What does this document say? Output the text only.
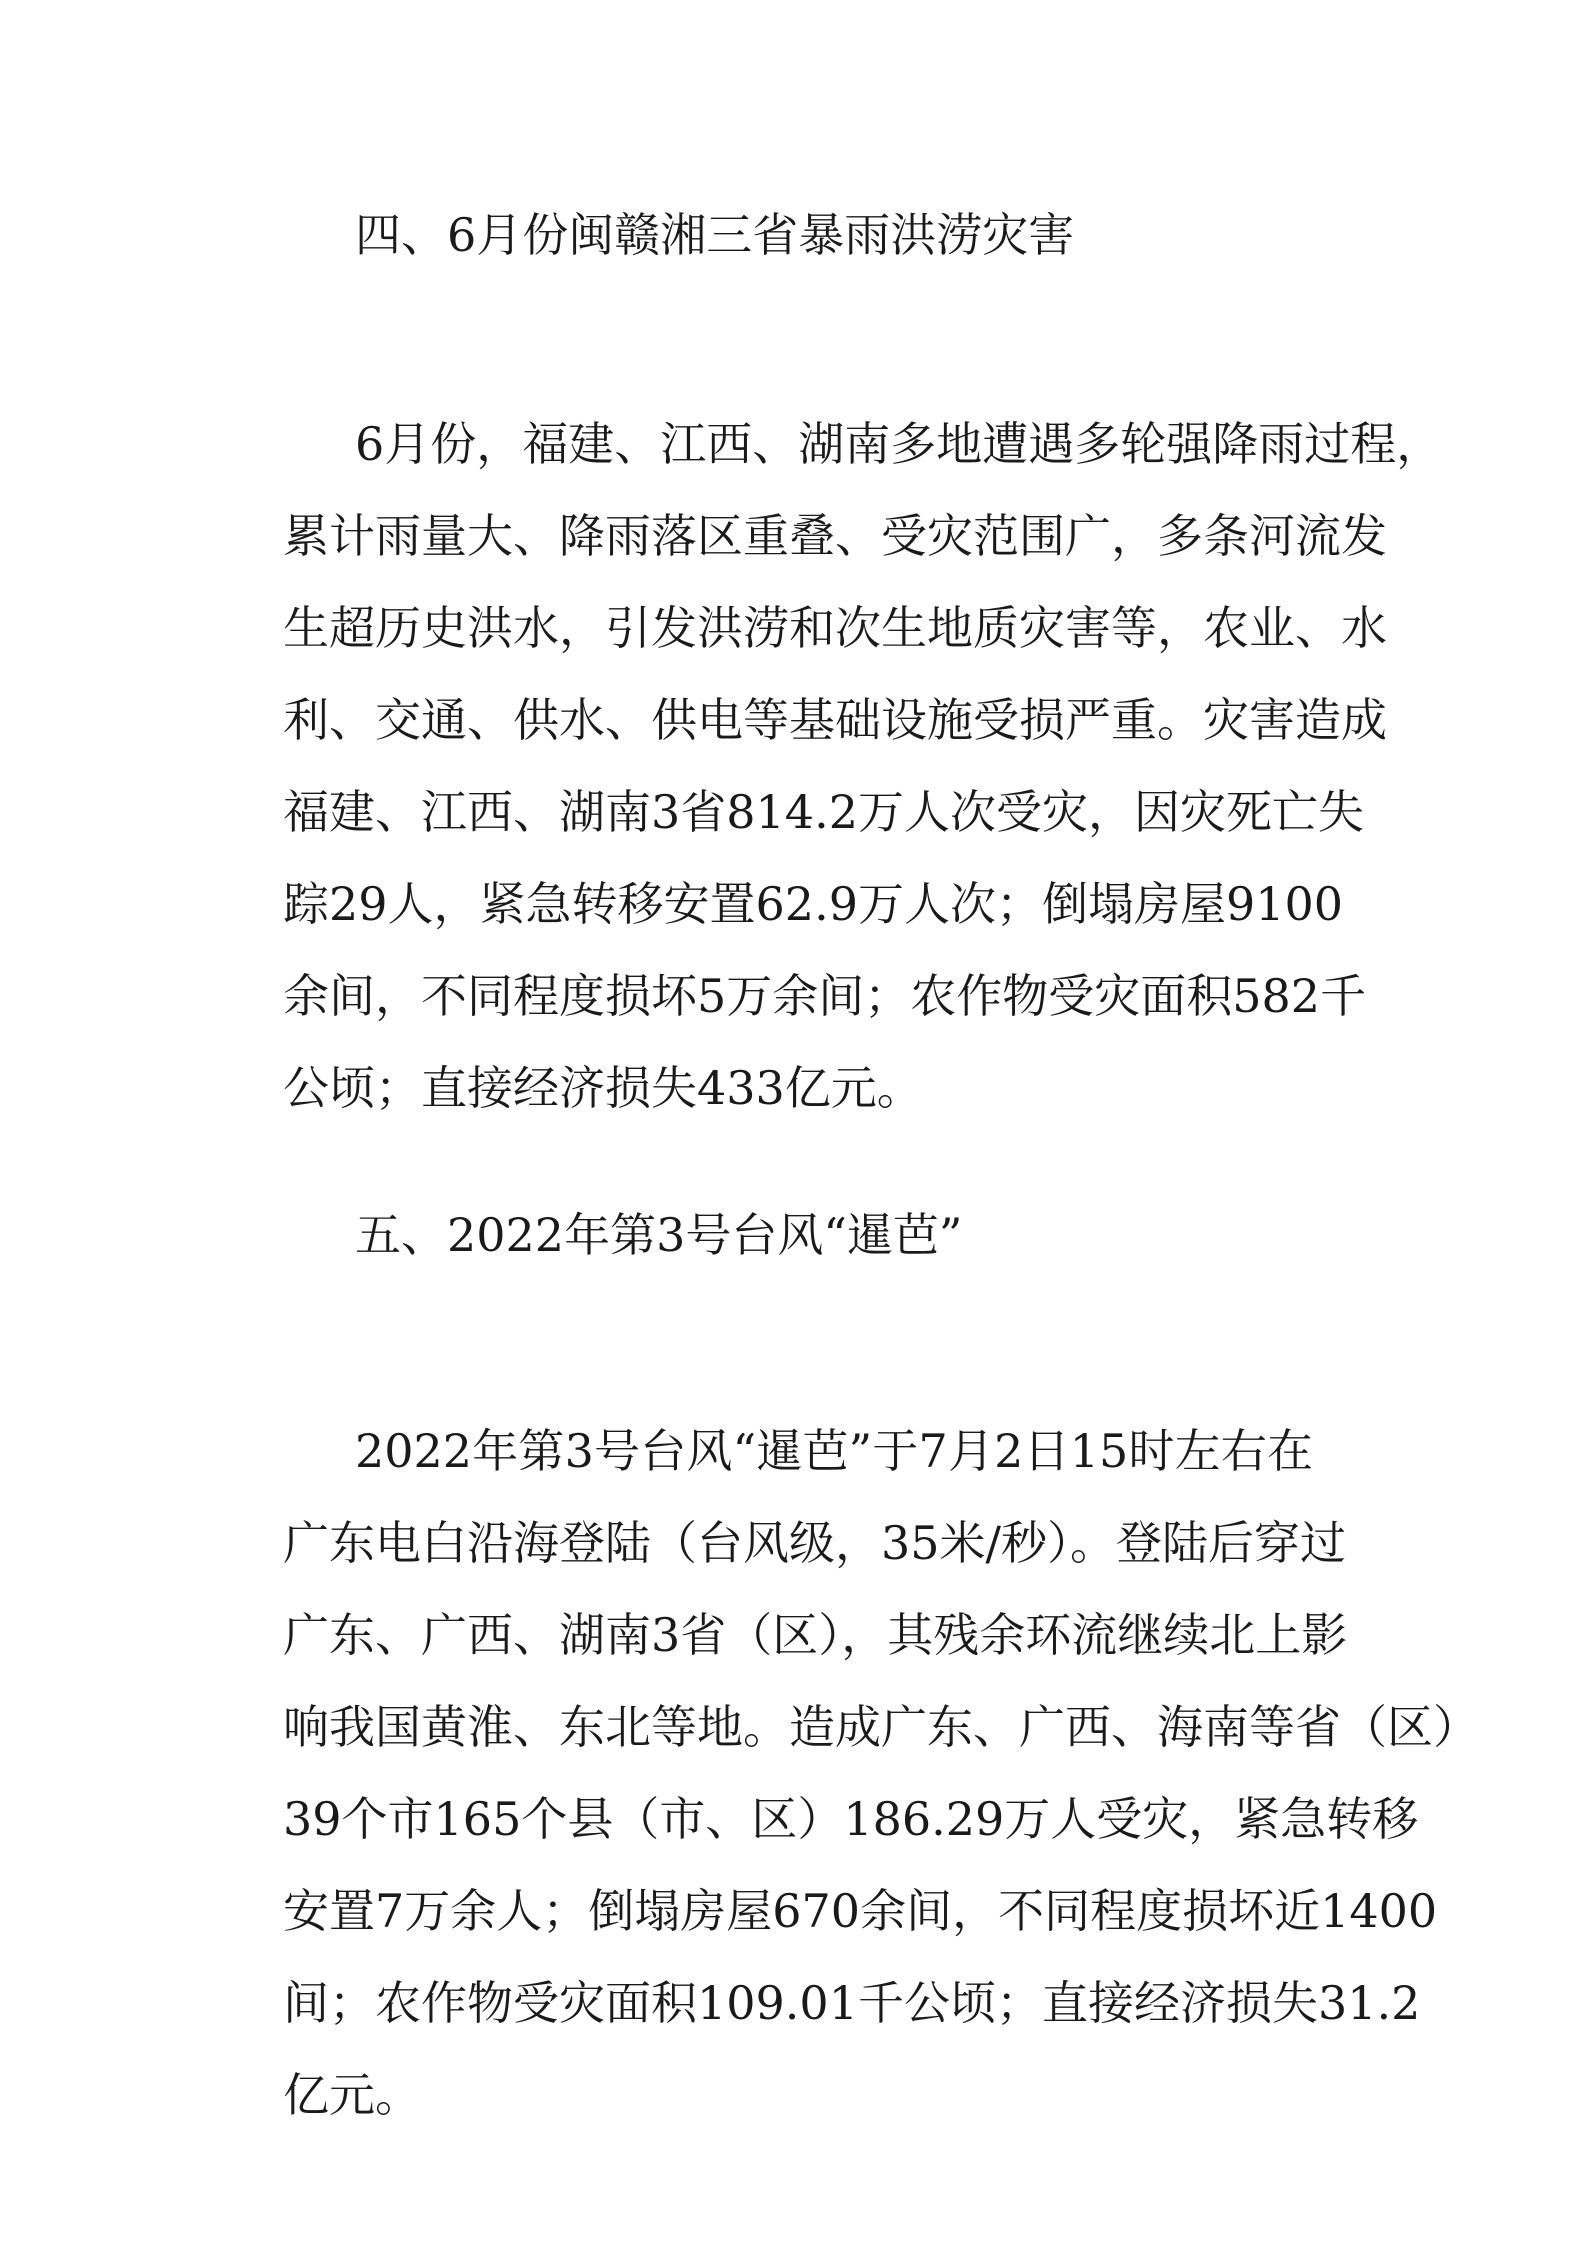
四、6月份闽赣湘三省暴雨洪涝灾害
6月份，福建、江西、湖南多地遭遇多轮强降雨过程，
累计雨量大、降雨落区重叠、受灾范围广，多条河流发
生超历史洪水，引发洪涝和次生地质灾害等，农业、水
利、交通、供水、供电等基础设施受损严重。灾害造成
福建、江西、湖南3省814.2万人次受灾，因灾死亡失
踪29人，紧急转移安置62.9万人次；倒塌房屋9100
余间，不同程度损坏5万余间；农作物受灾面积582千
公顷；直接经济损失433亿元。
五、2022年第3号台风“暹芭”
2022年第3号台风“暹芭”于7月2日15时左右在
广东电白沿海登陆（台风级，35米/秒）。登陆后穿过
广东、广西、湖南3省（区），其残余环流继续北上影
响我国黄淮、东北等地。造成广东、广西、海南等省（区）
39个市165个县（市、区）186.29万人受灾，紧急转移
安置7万余人；倒塌房屋670余间，不同程度损坏近1400
间；农作物受灾面积109.01千公顷；直接经济损失31.2
亿元。
